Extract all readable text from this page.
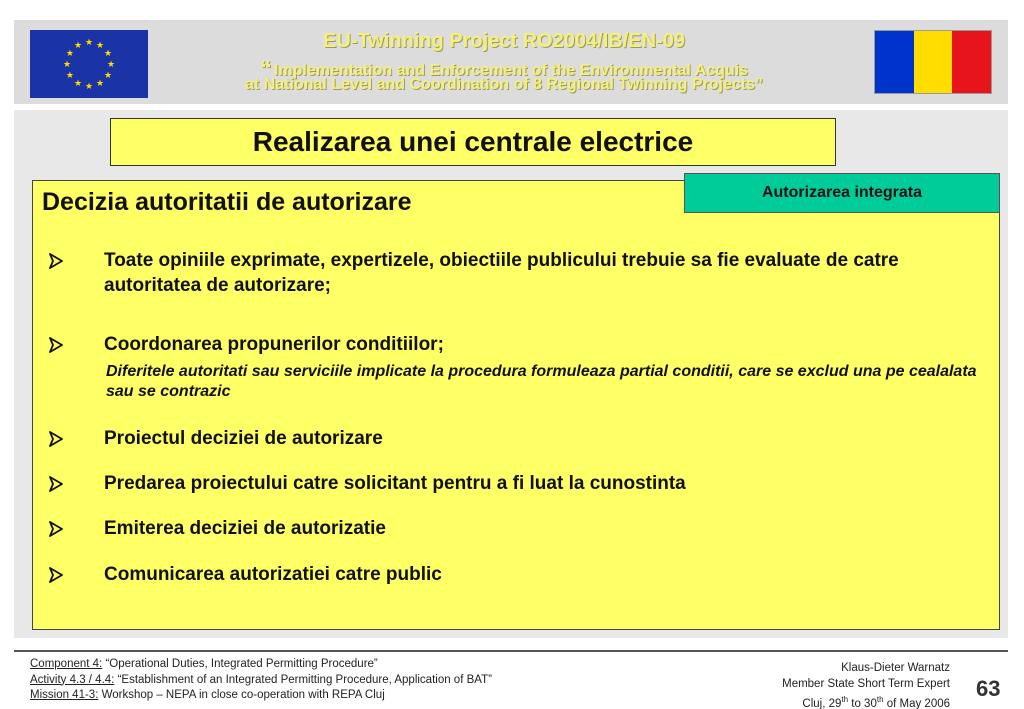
★ ★
★
★
★
★
★
★
★
★
★
★	EU-Twinning Project RO2004/IB/EN-09
“ Implementation and Enforcement of the Environmental Acquis
at National Level and Coordination of 8 Regional Twinning Projects”
Realizarea unei centrale electrice
Autorizarea integrata
Decizia autoritatii de autorizare
Toate opiniile exprimate, expertizele, obiectiile publicului trebuie sa fie evaluate de catre autoritatea de autorizare;
Coordonarea propunerilor conditiilor;
Diferitele autoritati sau serviciile implicate la procedura formuleaza partial conditii, care se exclud una pe cealalata sau se contrazic
Proiectul deciziei de autorizare
Predarea proiectului catre solicitant pentru a fi luat la cunostinta
Emiterea deciziei de autorizatie
Comunicarea autorizatiei catre public
Component 4: “Operational Duties, Integrated Permitting Procedure”
Activity 4.3 / 4.4: “Establishment of an Integrated Permitting Procedure, Application of BAT”
Mission 41-3: Workshop – NEPA in close co-operation with REPA Cluj
Klaus-Dieter Warnatz
Member State Short Term Expert
Cluj, 29th to 30th of May 2006
63
